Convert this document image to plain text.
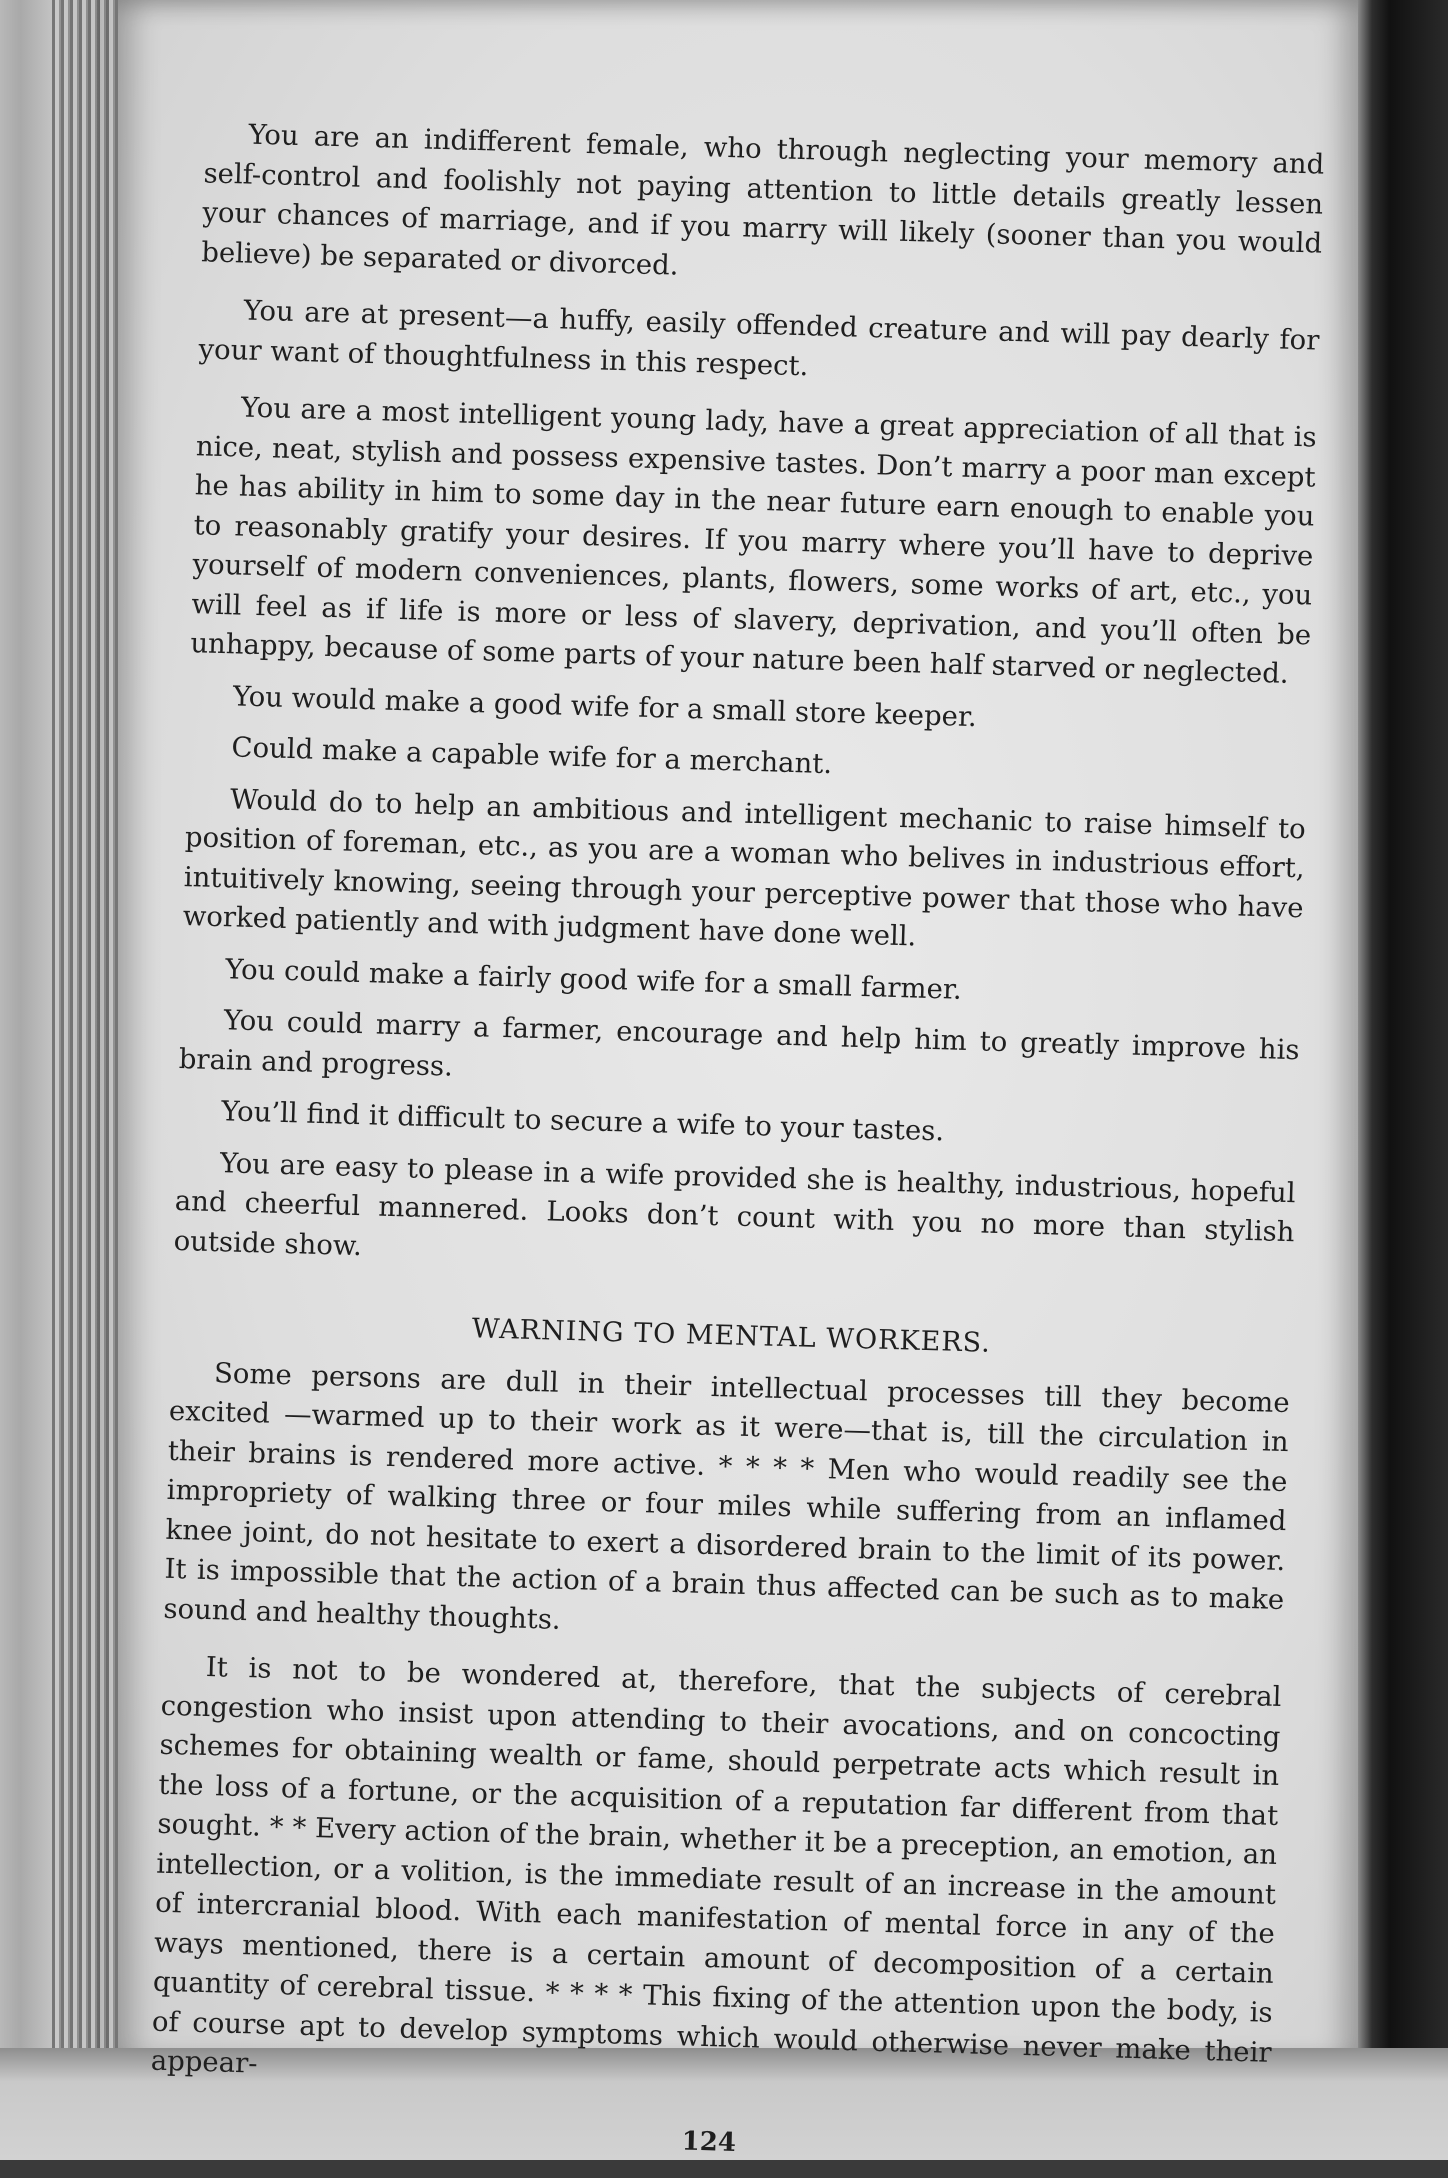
You are an indifferent female, who through neglecting your memory and self-control and foolishly not paying attention to little details greatly lessen your chances of marriage, and if you marry will likely (sooner than you would believe) be separated or divorced.

You are at present—a huffy, easily offended creature and will pay dearly for your want of thoughtfulness in this respect.

You are a most intelligent young lady, have a great appreciation of all that is nice, neat, stylish and possess expensive tastes. Don’t marry a poor man except he has ability in him to some day in the near future earn enough to enable you to reasonably gratify your desires. If you marry where you’ll have to deprive yourself of modern conveniences, plants, flowers, some works of art, etc., you will feel as if life is more or less of slavery, deprivation, and you’ll often be unhappy, because of some parts of your nature been half starved or neglected.

You would make a good wife for a small store keeper.

Could make a capable wife for a merchant.

Would do to help an ambitious and intelligent mechanic to raise himself to position of foreman, etc., as you are a woman who belives in industrious effort, intuitively knowing, seeing through your perceptive power that those who have worked patiently and with judgment have done well.

You could make a fairly good wife for a small farmer.

You could marry a farmer, encourage and help him to greatly improve his brain and progress.

You’ll find it difficult to secure a wife to your tastes.

You are easy to please in a wife provided she is healthy, industrious, hopeful and cheerful mannered. Looks don’t count with you no more than stylish outside show.

WARNING TO MENTAL WORKERS.

Some persons are dull in their intellectual processes till they become excited —warmed up to their work as it were—that is, till the circulation in their brains is rendered more active. * * * * Men who would readily see the impropriety of walking three or four miles while suffering from an inflamed knee joint, do not hesitate to exert a disordered brain to the limit of its power. It is impossible that the action of a brain thus affected can be such as to make sound and healthy thoughts.

It is not to be wondered at, therefore, that the subjects of cerebral congestion who insist upon attending to their avocations, and on concocting schemes for obtaining wealth or fame, should perpetrate acts which result in the loss of a fortune, or the acquisition of a reputation far different from that sought. * * Every action of the brain, whether it be a preception, an emotion, an intellection, or a volition, is the immediate result of an increase in the amount of intercranial blood. With each manifestation of mental force in any of the ways mentioned, there is a certain amount of decomposition of a certain quantity of cerebral tissue. * * * * This fixing of the attention upon the body, is of course apt to develop symptoms which would otherwise never make their appear-

124
